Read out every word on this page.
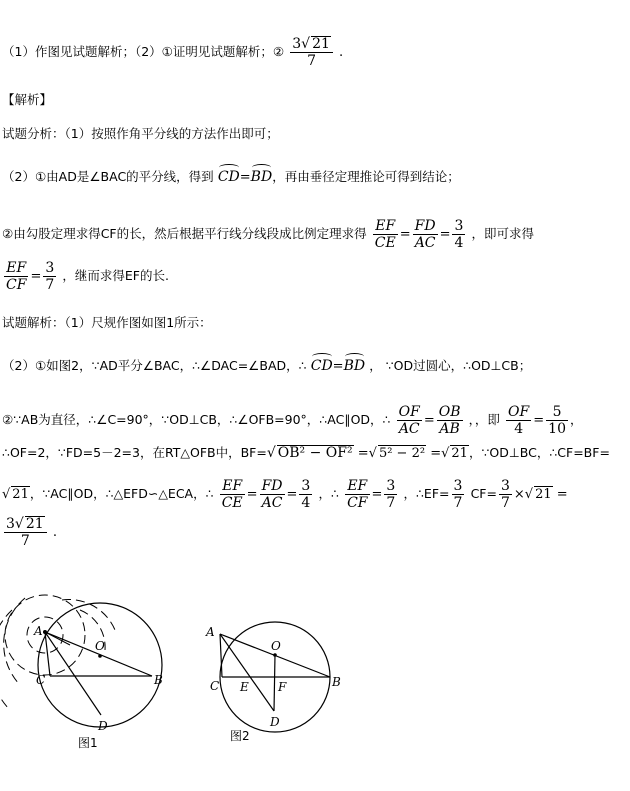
（1）作图见试题解析；（2）①证明见试题解析；② $\frac{3√ 21}{7}$ .
【解析】
试题分析：（1）按照作角平分线的方法作出即可；
（2）①由AD是∠BAC的平分线，得到 CD=BD，再由垂径定理推论可得到结论；
②由勾股定理求得CF的长，然后根据平行线分线段成比例定理求得 $\frac{EF}{CE} = \frac{FD}{AC} = \frac{3}{4}$ ，即可求得
$\frac{EF}{CF} = \frac{3}{7}$ ，继而求得EF的长.
试题解析：（1）尺规作图如图1所示：
（2）①如图2，∵AD平分∠BAC，∴∠DAC=∠BAD，∴ CD=BD ， ∵OD过圆心，∴OD⊥CB；
②∵AB为直径，∴∠C=90°，∵OD⊥CB，∴∠OFB=90°，∴AC∥OD，∴ $\frac{OF}{AC} = \frac{OB}{AB}$ ，，即 $\frac{OF}{4} = \frac{5}{10}$ ，
∴OF=2，∵FD=5－2=3，在RT△OFB中，BF=√ OB² − OF² =√ 5² − 2² =√ 21，∵OD⊥BC，∴CF=BF=
√ 21，∵AC∥OD，∴△EFD∽△ECA，∴ $\frac{EF}{CE} = \frac{FD}{AC} = \frac{3}{4}$ ，∴ $\frac{EF}{CF} = \frac{3}{7}$ ，∴EF= $\frac{3}{7} CF= \frac{3}{7}$ ×√ 21 =
$\frac{3√ 21}{7}$ .
A
O
C	B
D
图1
A
O
C E F	B
D
图2
